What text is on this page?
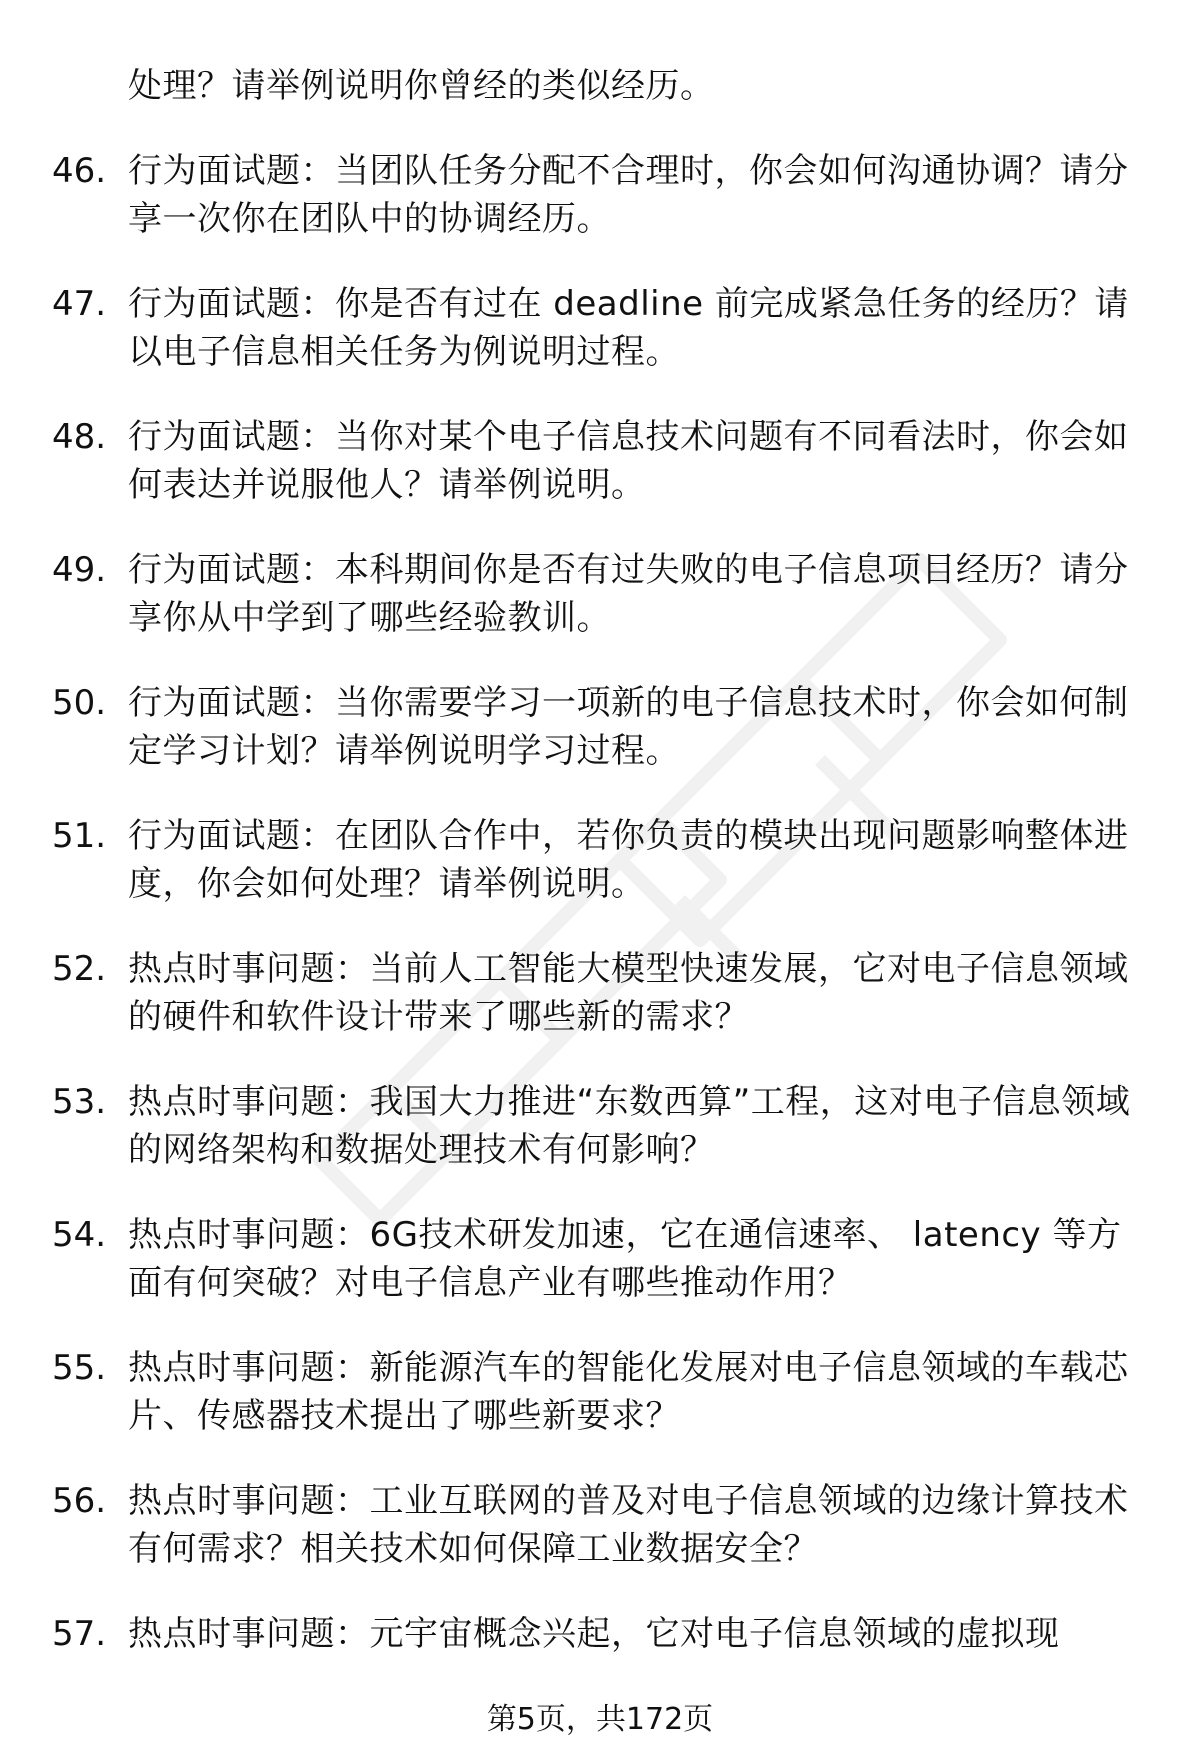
处理？请举例说明你曾经的类似经历。
46. 行为面试题：当团队任务分配不合理时，你会如何沟通协调？请分享一次你在团队中的协调经历。
47. 行为面试题：你是否有过在 deadline 前完成紧急任务的经历？请以电子信息相关任务为例说明过程。
48. 行为面试题：当你对某个电子信息技术问题有不同看法时，你会如何表达并说服他人？请举例说明。
49. 行为面试题：本科期间你是否有过失败的电子信息项目经历？请分享你从中学到了哪些经验教训。
50. 行为面试题：当你需要学习一项新的电子信息技术时，你会如何制定学习计划？请举例说明学习过程。
51. 行为面试题：在团队合作中，若你负责的模块出现问题影响整体进度，你会如何处理？请举例说明。
52. 热点时事问题：当前人工智能大模型快速发展，它对电子信息领域的硬件和软件设计带来了哪些新的需求？
53. 热点时事问题：我国大力推进“东数西算”工程，这对电子信息领域的网络架构和数据处理技术有何影响？
54. 热点时事问题：6G技术研发加速，它在通信速率、 latency 等方面有何突破？对电子信息产业有哪些推动作用？
55. 热点时事问题：新能源汽车的智能化发展对电子信息领域的车载芯片、传感器技术提出了哪些新要求？
56. 热点时事问题：工业互联网的普及对电子信息领域的边缘计算技术有何需求？相关技术如何保障工业数据安全？
57. 热点时事问题：元宇宙概念兴起，它对电子信息领域的虚拟现
第5页，共172页
